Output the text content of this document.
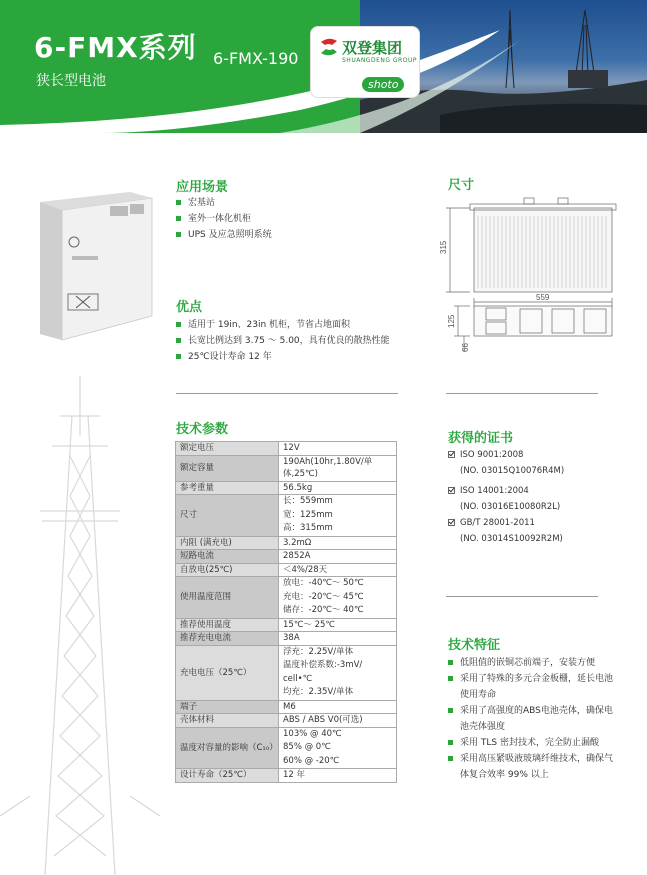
6-FMX系列
狭长型电池
6-FMX-190
双登集团
SHUANGDENG GROUP
shoto
应用场景
宏基站
室外一体化机柜
UPS 及应急照明系统
优点
适用于 19in、23in 机柜，节省占地面积
长宽比例达到 3.75 ～ 5.00，具有优良的散热性能
25℃设计寿命 12 年
尺寸
315
559
125
66
技术参数
额定电压	12V

额定容量	190Ah(10hr,1.80V/单体,25℃)

参考重量	56.5kg

尺寸	长：559mm
宽：125mm
高：315mm

内阻 (满充电)	3.2mΩ

短路电流	2852A

自放电(25℃)	＜4%/28天

使用温度范围	放电：-40℃～ 50℃
充电：-20℃～ 45℃
储存：-20℃～ 40℃

推荐使用温度	15℃～ 25℃

推荐充电电流	38A

充电电压（25℃）	浮充：2.25V/单体
温度补偿系数:-3mV/ cell•℃
均充：2.35V/单体

端子	M6

壳体材料	ABS / ABS V0(可选)

温度对容量的影响（C₁₀）	103% @ 40℃
85% @ 0℃
60% @ -20℃

设计寿命（25℃）	12 年
获得的证书
ISO 9001:2008
(NO. 03015Q10076R4M)
ISO 14001:2004
(NO. 03016E10080R2L)
GB/T 28001-2011
(NO. 03014S10092R2M)
技术特征
低阻值的嵌铜芯前端子，安装方便
采用了特殊的多元合金板栅，延长电池使用寿命
采用了高强度的ABS电池壳体，确保电池壳体强度
采用 TLS 密封技术，完全防止漏酸
采用高压紧吸液玻璃纤维技术，确保气体复合效率 99% 以上
